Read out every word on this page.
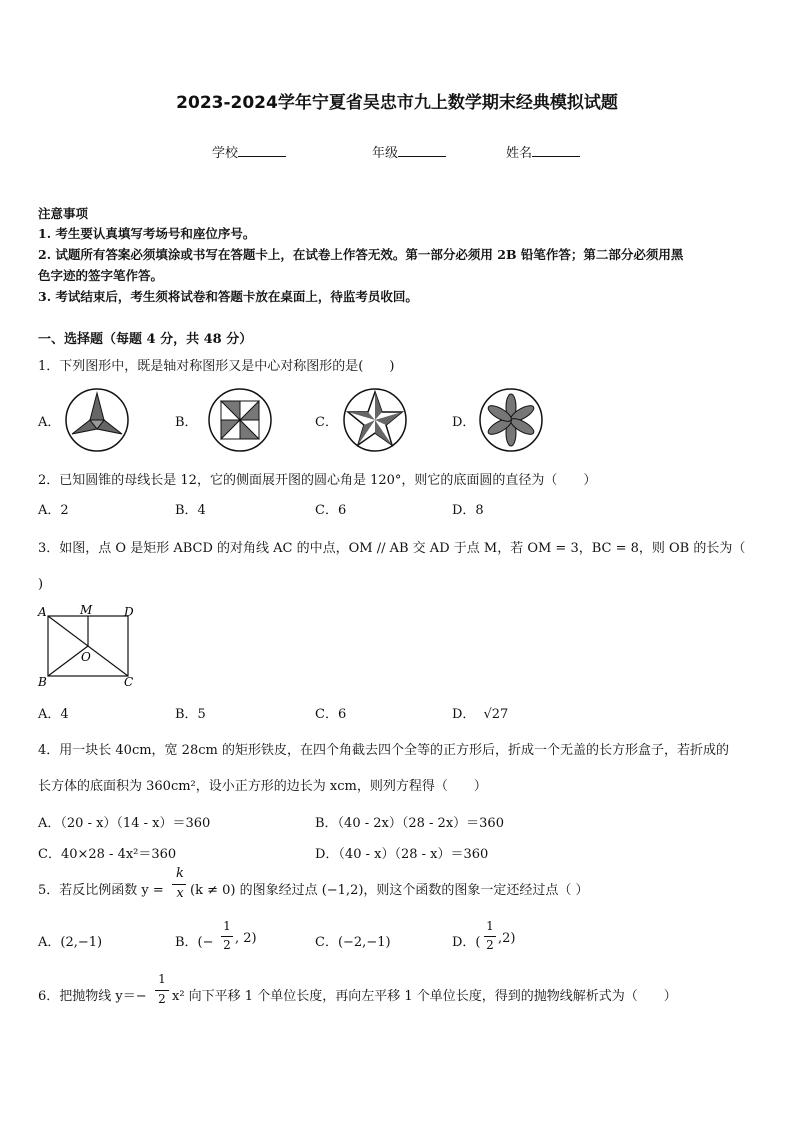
2023-2024学年宁夏省吴忠市九上数学期末经典模拟试题
学校	年级	姓名
注意事项
1. 考生要认真填写考场号和座位序号。
2. 试题所有答案必须填涂或书写在答题卡上，在试卷上作答无效。第一部分必须用 2B 铅笔作答；第二部分必须用黑
色字迹的签字笔作答。
3. 考试结束后，考生须将试卷和答题卡放在桌面上，待监考员收回。
一、选择题（每题 4 分，共 48 分）
1．下列图形中，既是轴对称图形又是中心对称图形的是(　　)
A．	B．	C．	D．
2．已知圆锥的母线长是 12，它的侧面展开图的圆心角是 120°，则它的底面圆的直径为（　　）
A．2	B．4	C．6	D．8
3．如图，点 O 是矩形 ABCD 的对角线 AC 的中点，OM // AB 交 AD 于点 M，若 OM = 3，BC = 8，则 OB 的长为（
)
A	M	D
O
B	C
A．4	B．5	C．6	D． √27
4．用一块长 40cm，宽 28cm 的矩形铁皮，在四个角截去四个全等的正方形后，折成一个无盖的长方形盒子，若折成的
长方体的底面积为 360cm²，设小正方形的边长为 xcm，则列方程得（　　）
A．（20 - x）（14 - x）＝360	B．（40 - 2x）（28 - 2x）＝360
C．40×28 - 4x²＝360	D．（40 - x）（28 - x）＝360
5．若反比例函数 y =
k
x (k ≠ 0) 的图象经过点 (−1,2)，则这个函数的图象一定还经过点（ ）
A．(2,−1)	B．(−
1
2 , 2)	C．(−2,−1)	D．(
1
2 ,2)
6．把抛物线 y＝−
1
2 x² 向下平移 1 个单位长度，再向左平移 1 个单位长度，得到的抛物线解析式为（　　）
